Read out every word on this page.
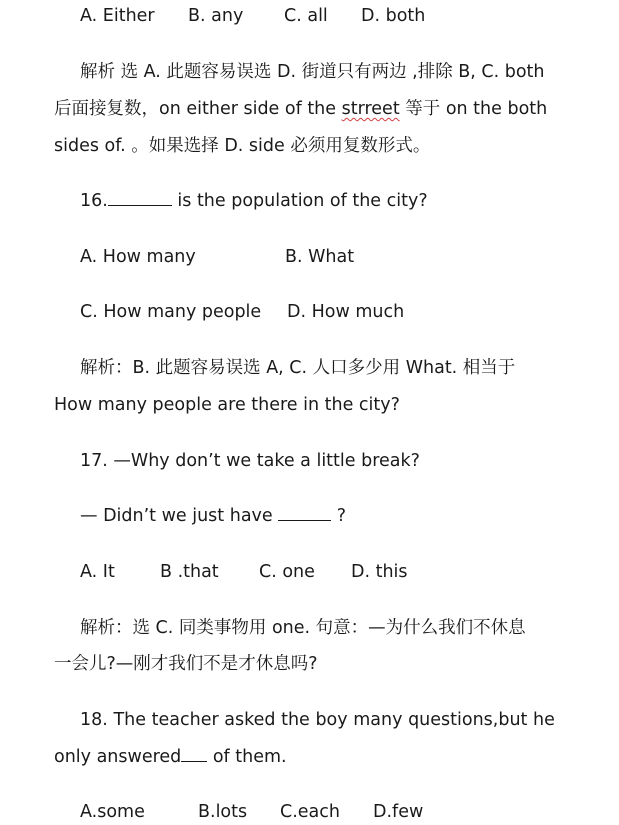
A. Either B. any C. all D. both
解析 选 A. 此题容易误选 D. 街道只有两边 ,排除 B, C. both
后面接复数，on either side of the strreet 等于 on the both
sides of. 。如果选择 D. side 必须用复数形式。
16.	is the population of the city?
A. How many	B. What
C. How many people D. How much
解析：B. 此题容易误选 A, C. 人口多少用 What. 相当于
How many people are there in the city?
17. —Why don’t we take a little break?
— Didn’t we just have	?
A. It	B .that C. one D. this
解析：选 C. 同类事物用 one. 句意：—为什么我们不休息
一会儿?—刚才我们不是才休息吗?
18. The teacher asked the boy many questions,but he
only answered of them.
A.some	B.lots C.each D.few
